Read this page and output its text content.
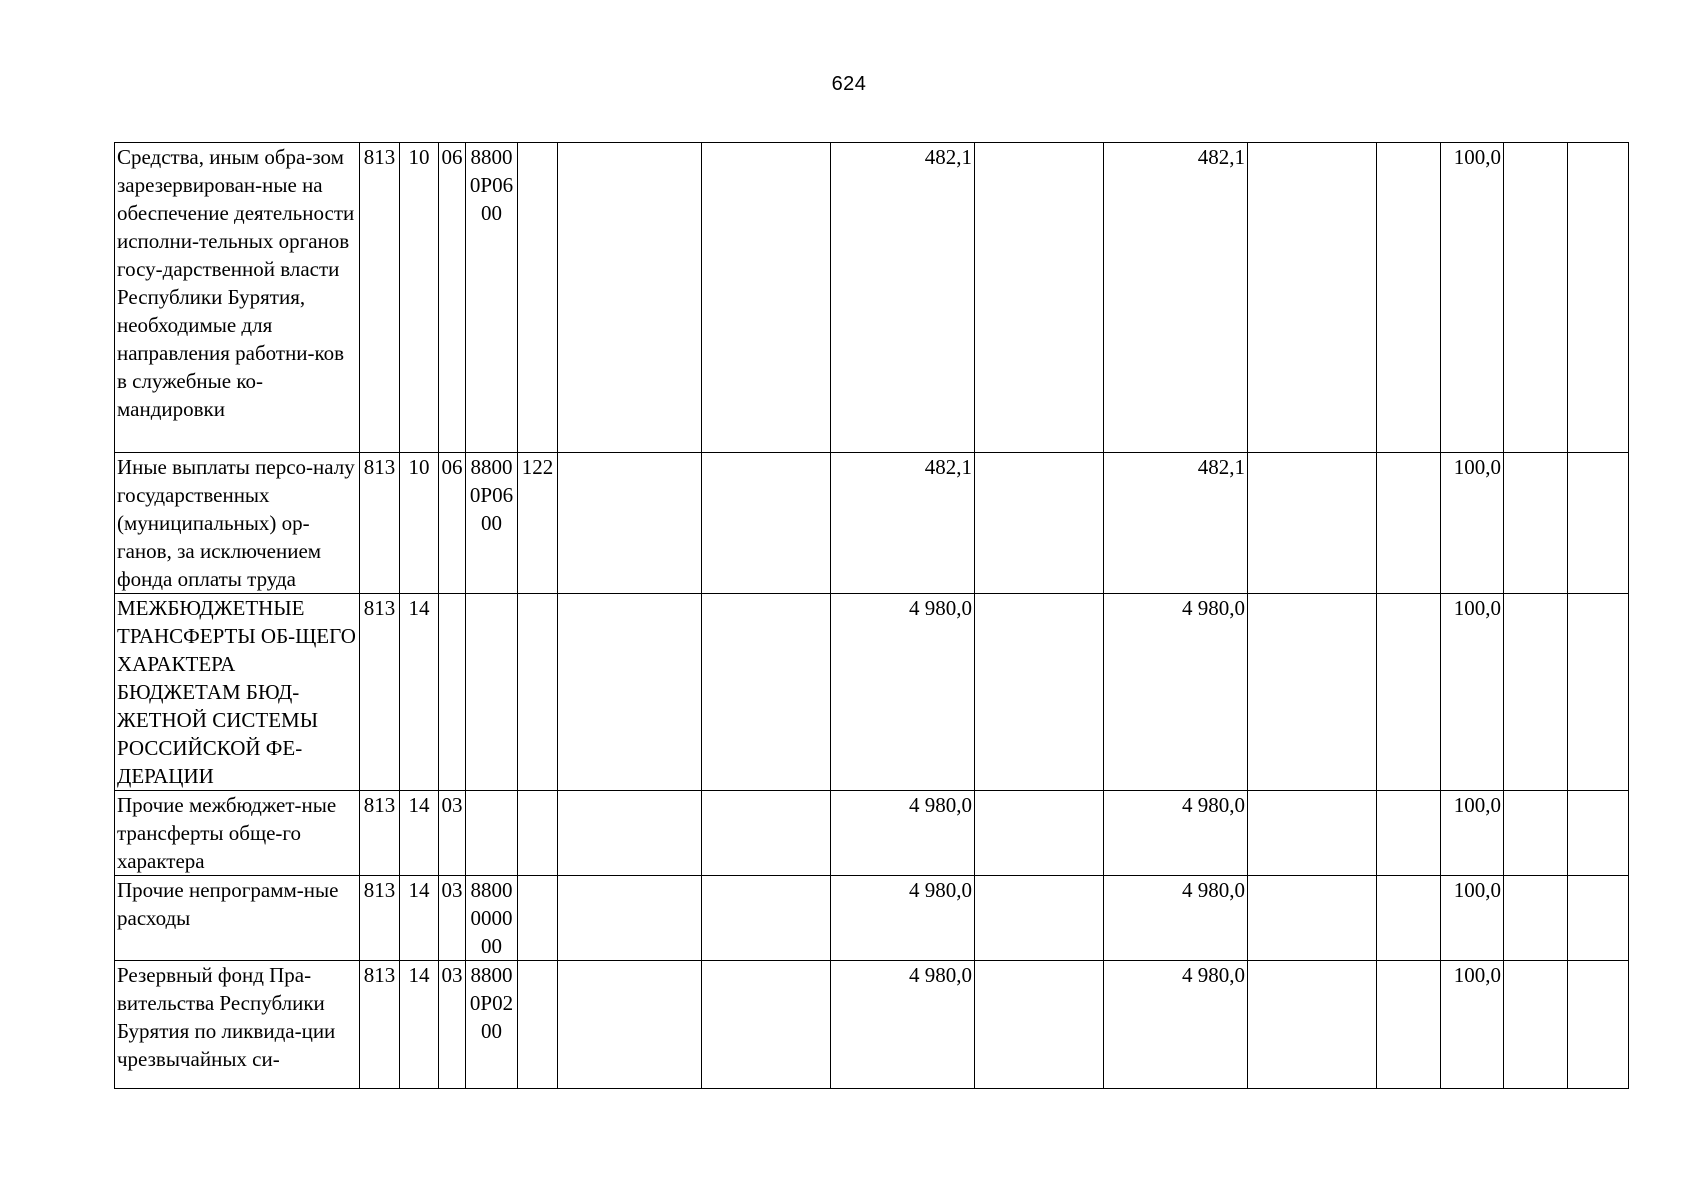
624
Средства, иным обра-зом зарезервирован-ные на обеспечение деятельности исполни-тельных органов госу-дарственной власти Республики Бурятия, необходимые для направления работни-ков в служебные ко-мандировки	813	10	06	88000P0600				482,1		482,1			100,0		
Иные выплаты персо-налу государственных (муниципальных) ор-ганов, за исключением фонда оплаты труда	813	10	06	88000P0600	122			482,1		482,1			100,0		
МЕЖБЮДЖЕТНЫЕ ТРАНСФЕРТЫ ОБ-ЩЕГО ХАРАКТЕРА БЮДЖЕТАМ БЮД-ЖЕТНОЙ СИСТЕМЫ РОССИЙСКОЙ ФЕ-ДЕРАЦИИ	813	14						4 980,0		4 980,0			100,0		
Прочие межбюджет-ные трансферты обще-го характера	813	14	03					4 980,0		4 980,0			100,0		
Прочие непрограмм-ные расходы	813	14	03	8800000000				4 980,0		4 980,0			100,0		
Резервный фонд Пра-вительства Республики Бурятия по ликвида-ции чрезвычайных си-	813	14	03	88000P0200				4 980,0		4 980,0			100,0		
